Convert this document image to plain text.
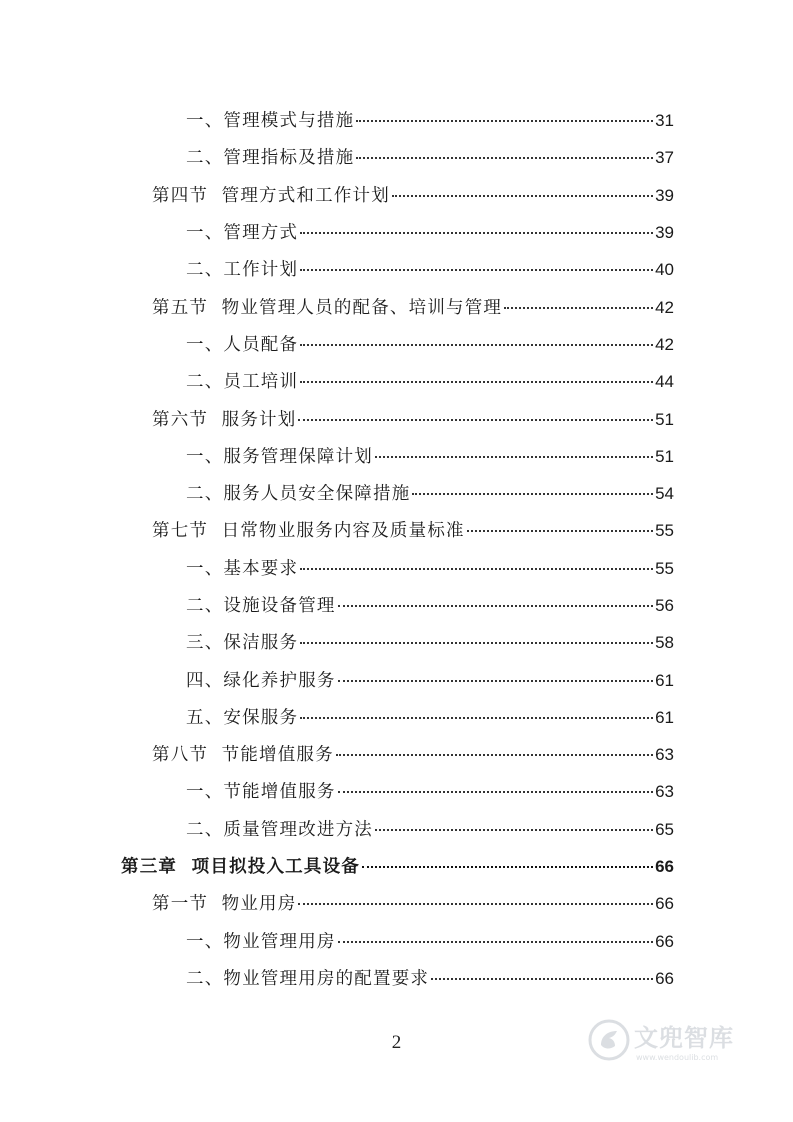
一、管理模式与措施	31
二、管理指标及措施	37
第四节  管理方式和工作计划	39
一、管理方式	39
二、工作计划	40
第五节  物业管理人员的配备、培训与管理	42
一、人员配备	42
二、员工培训	44
第六节  服务计划	51
一、服务管理保障计划	51
二、服务人员安全保障措施	54
第七节  日常物业服务内容及质量标准	55
一、基本要求	55
二、设施设备管理	56
三、保洁服务	58
四、绿化养护服务	61
五、安保服务	61
第八节  节能增值服务	63
一、节能增值服务	63
二、质量管理改进方法	65
第三章  项目拟投入工具设备	66
第一节  物业用房	66
一、物业管理用房	66
二、物业管理用房的配置要求	66
2	文兜智库
www.wendoulib.com
